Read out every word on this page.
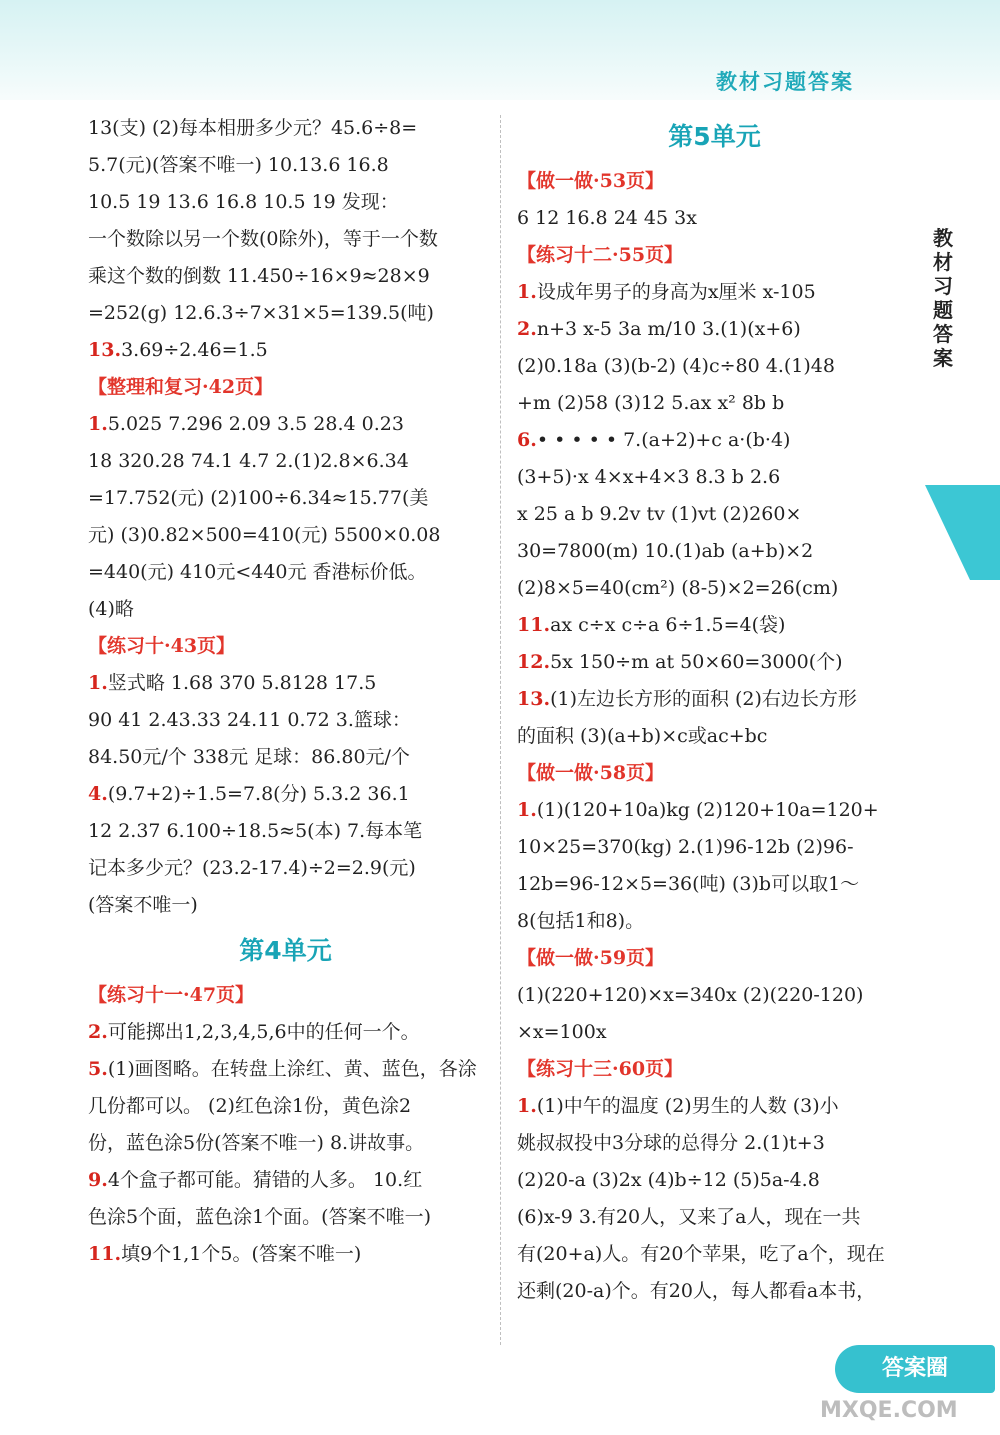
教材习题答案
教材习题答案
13(支) (2)每本相册多少元？45.6÷8=
5.7(元)(答案不唯一) 10.13.6 16.8
10.5 19 13.6 16.8 10.5 19 发现：
一个数除以另一个数(0除外)，等于一个数
乘这个数的倒数 11.450÷16×9≈28×9
=252(g) 12.6.3÷7×31×5=139.5(吨)
13.3.69÷2.46=1.5
【整理和复习·42页】
1.5.025 7.296 2.09 3.5 28.4 0.23
18 320.28 74.1 4.7 2.(1)2.8×6.34
=17.752(元) (2)100÷6.34≈15.77(美
元) (3)0.82×500=410(元) 5500×0.08
=440(元) 410元<440元 香港标价低。
(4)略
【练习十·43页】
1.竖式略 1.68 370 5.8128 17.5
90 41 2.43.33 24.11 0.72 3.篮球：
84.50元/个 338元 足球：86.80元/个
4.(9.7+2)÷1.5=7.8(分) 5.3.2 36.1
12 2.37 6.100÷18.5≈5(本) 7.每本笔
记本多少元？(23.2-17.4)÷2=2.9(元)
(答案不唯一)
第4单元
【练习十一·47页】
2.可能掷出1,2,3,4,5,6中的任何一个。
5.(1)画图略。在转盘上涂红、黄、蓝色，各涂
几份都可以。 (2)红色涂1份，黄色涂2
份，蓝色涂5份(答案不唯一) 8.讲故事。
9.4个盒子都可能。猜错的人多。 10.红
色涂5个面，蓝色涂1个面。(答案不唯一)
11.填9个1,1个5。(答案不唯一)
第5单元
【做一做·53页】
6 12 16.8 24 45 3x
【练习十二·55页】
1.设成年男子的身高为x厘米 x-105
2.n+3 x-5 3a m/10 3.(1)(x+6)
(2)0.18a (3)(b-2) (4)c÷80 4.(1)48
+m (2)58 (3)12 5.ax x² 8b b
6.• • • • • 7.(a+2)+c a·(b·4)
(3+5)·x 4×x+4×3 8.3 b 2.6
x 25 a b 9.2v tv (1)vt (2)260×
30=7800(m) 10.(1)ab (a+b)×2
(2)8×5=40(cm²) (8-5)×2=26(cm)
11.ax c÷x c÷a 6÷1.5=4(袋)
12.5x 150÷m at 50×60=3000(个)
13.(1)左边长方形的面积 (2)右边长方形
的面积 (3)(a+b)×c或ac+bc
【做一做·58页】
1.(1)(120+10a)kg (2)120+10a=120+
10×25=370(kg) 2.(1)96-12b (2)96-
12b=96-12×5=36(吨) (3)b可以取1～
8(包括1和8)。
【做一做·59页】
(1)(220+120)×x=340x (2)(220-120)
×x=100x
【练习十三·60页】
1.(1)中午的温度 (2)男生的人数 (3)小
姚叔叔投中3分球的总得分 2.(1)t+3
(2)20-a (3)2x (4)b÷12 (5)5a-4.8
(6)x-9 3.有20人，又来了a人，现在一共
有(20+a)人。有20个苹果，吃了a个，现在
还剩(20-a)个。有20人，每人都看a本书，
答案圈
MXQE.COM
